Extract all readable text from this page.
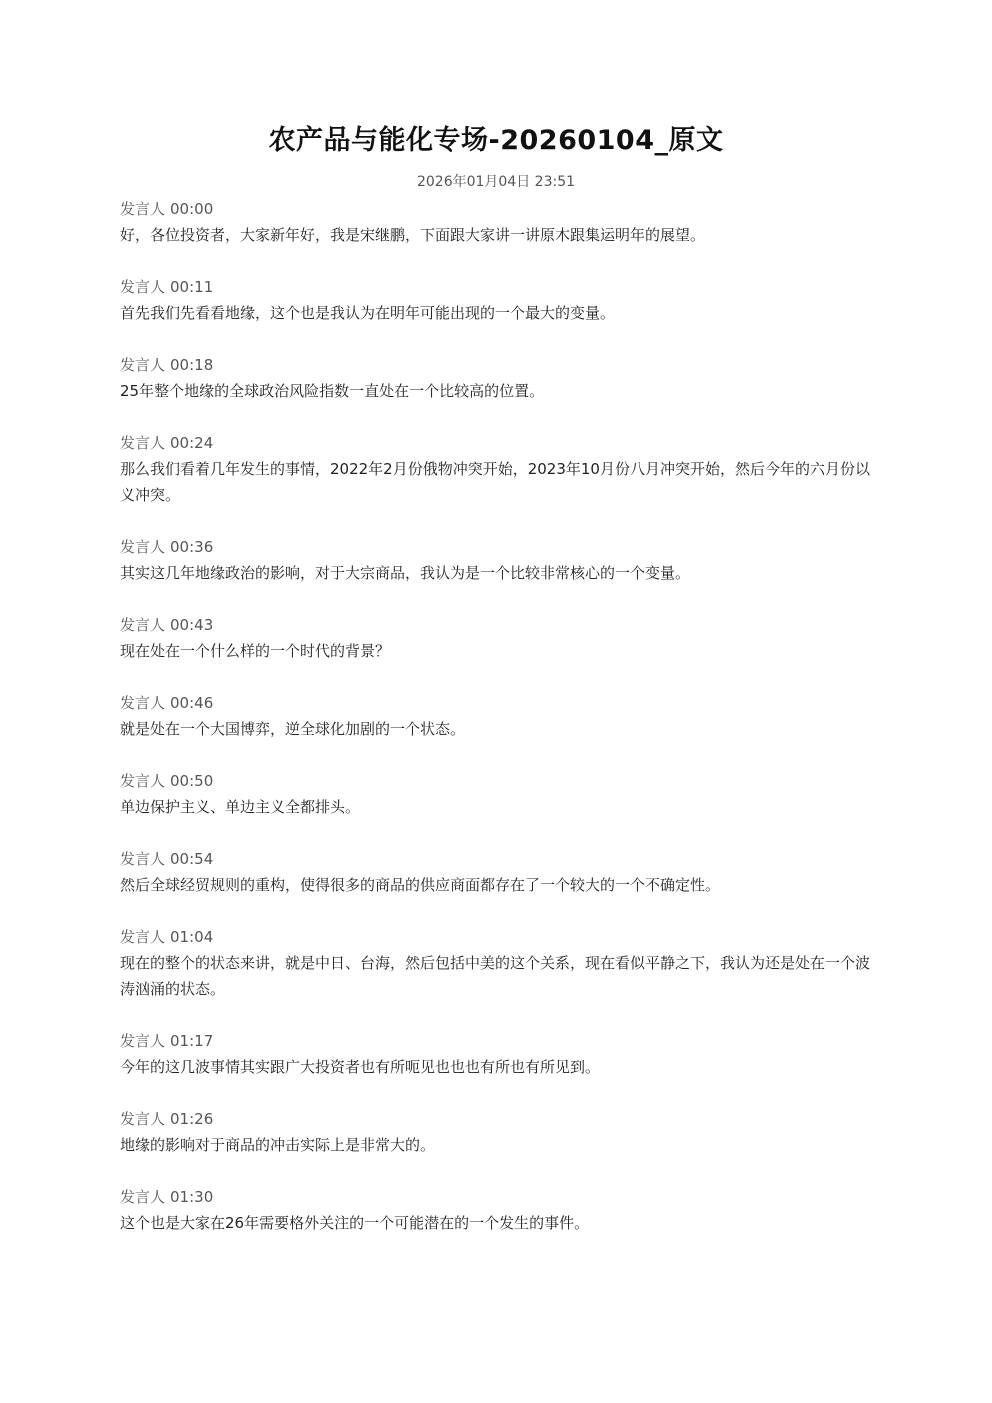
农产品与能化专场-20260104_原文
2026年01月04日 23:51
发言人 00:00
好，各位投资者，大家新年好，我是宋继鹏，下面跟大家讲一讲原木跟集运明年的展望。
发言人 00:11
首先我们先看看地缘，这个也是我认为在明年可能出现的一个最大的变量。
发言人 00:18
25年整个地缘的全球政治风险指数一直处在一个比较高的位置。
发言人 00:24
那么我们看着几年发生的事情，2022年2月份俄物冲突开始，2023年10月份八月冲突开始，然后今年的六月份以义冲突。
发言人 00:36
其实这几年地缘政治的影响，对于大宗商品，我认为是一个比较非常核心的一个变量。
发言人 00:43
现在处在一个什么样的一个时代的背景？
发言人 00:46
就是处在一个大国博弈，逆全球化加剧的一个状态。
发言人 00:50
单边保护主义、单边主义全都排头。
发言人 00:54
然后全球经贸规则的重构，使得很多的商品的供应商面都存在了一个较大的一个不确定性。
发言人 01:04
现在的整个的状态来讲，就是中日、台海，然后包括中美的这个关系，现在看似平静之下，我认为还是处在一个波涛汹涌的状态。
发言人 01:17
今年的这几波事情其实跟广大投资者也有所呃见也也也有所也有所见到。
发言人 01:26
地缘的影响对于商品的冲击实际上是非常大的。
发言人 01:30
这个也是大家在26年需要格外关注的一个可能潜在的一个发生的事件。
